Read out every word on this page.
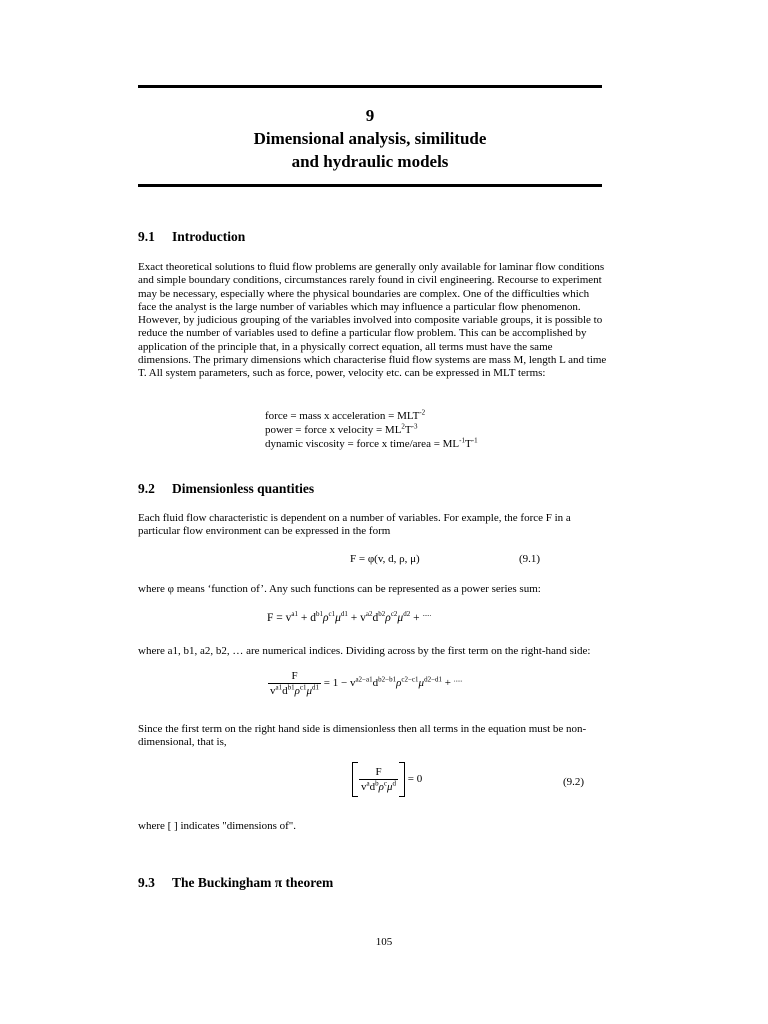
9
Dimensional analysis, similitude
and hydraulic models
9.1 Introduction
Exact theoretical solutions to fluid flow problems are generally only available for laminar flow conditions and simple boundary conditions, circumstances rarely found in civil engineering. Recourse to experiment may be necessary, especially where the physical boundaries are complex. One of the difficulties which face the analyst is the large number of variables which may influence a particular flow phenomenon. However, by judicious grouping of the variables involved into composite variable groups, it is possible to reduce the number of variables used to define a particular flow problem. This can be accomplished by application of the principle that, in a physically correct equation, all terms must have the same dimensions. The primary dimensions which characterise fluid flow systems are mass M, length L and time T. All system parameters, such as force, power, velocity etc. can be expressed in MLT terms:
force = mass x acceleration = $MLT^{-2}$
power = force x velocity = $ML^2T^{-3}$
dynamic viscosity = force x time/area = $ML^{-1}T^{-1}$
9.2 Dimensionless quantities
Each fluid flow characteristic is dependent on a number of variables. For example, the force F in a particular flow environment can be expressed in the form
F = φ(v, d, ρ, μ)	(9.1)
where φ means ‘function of’. Any such functions can be represented as a power series sum:
$F = v^{a1} + d^{b1}\rho^{c1}\mu^{d1} + v^{a2}d^{b2}\rho^{c2}\mu^{d2} + ^{.....}$
where a1, b1, a2, b2, … are numerical indices. Dividing across by the first term on the right-hand side:
$\frac{F}{v^{a1}d^{b1}\rho^{c1}\mu^{d1}} = 1 - v^{a2-a1}d^{b2-b1}\rho^{c2-c1}\mu^{d2-d1} + ^{.....}$
Since the first term on the right hand side is dimensionless then all terms in the equation must be non-dimensional, that is,
$\frac{F}{v^ad^b\rho^c\mu^d} = 0$	(9.2)
where [ ] indicates "dimensions of".
9.3 The Buckingham π theorem
105
